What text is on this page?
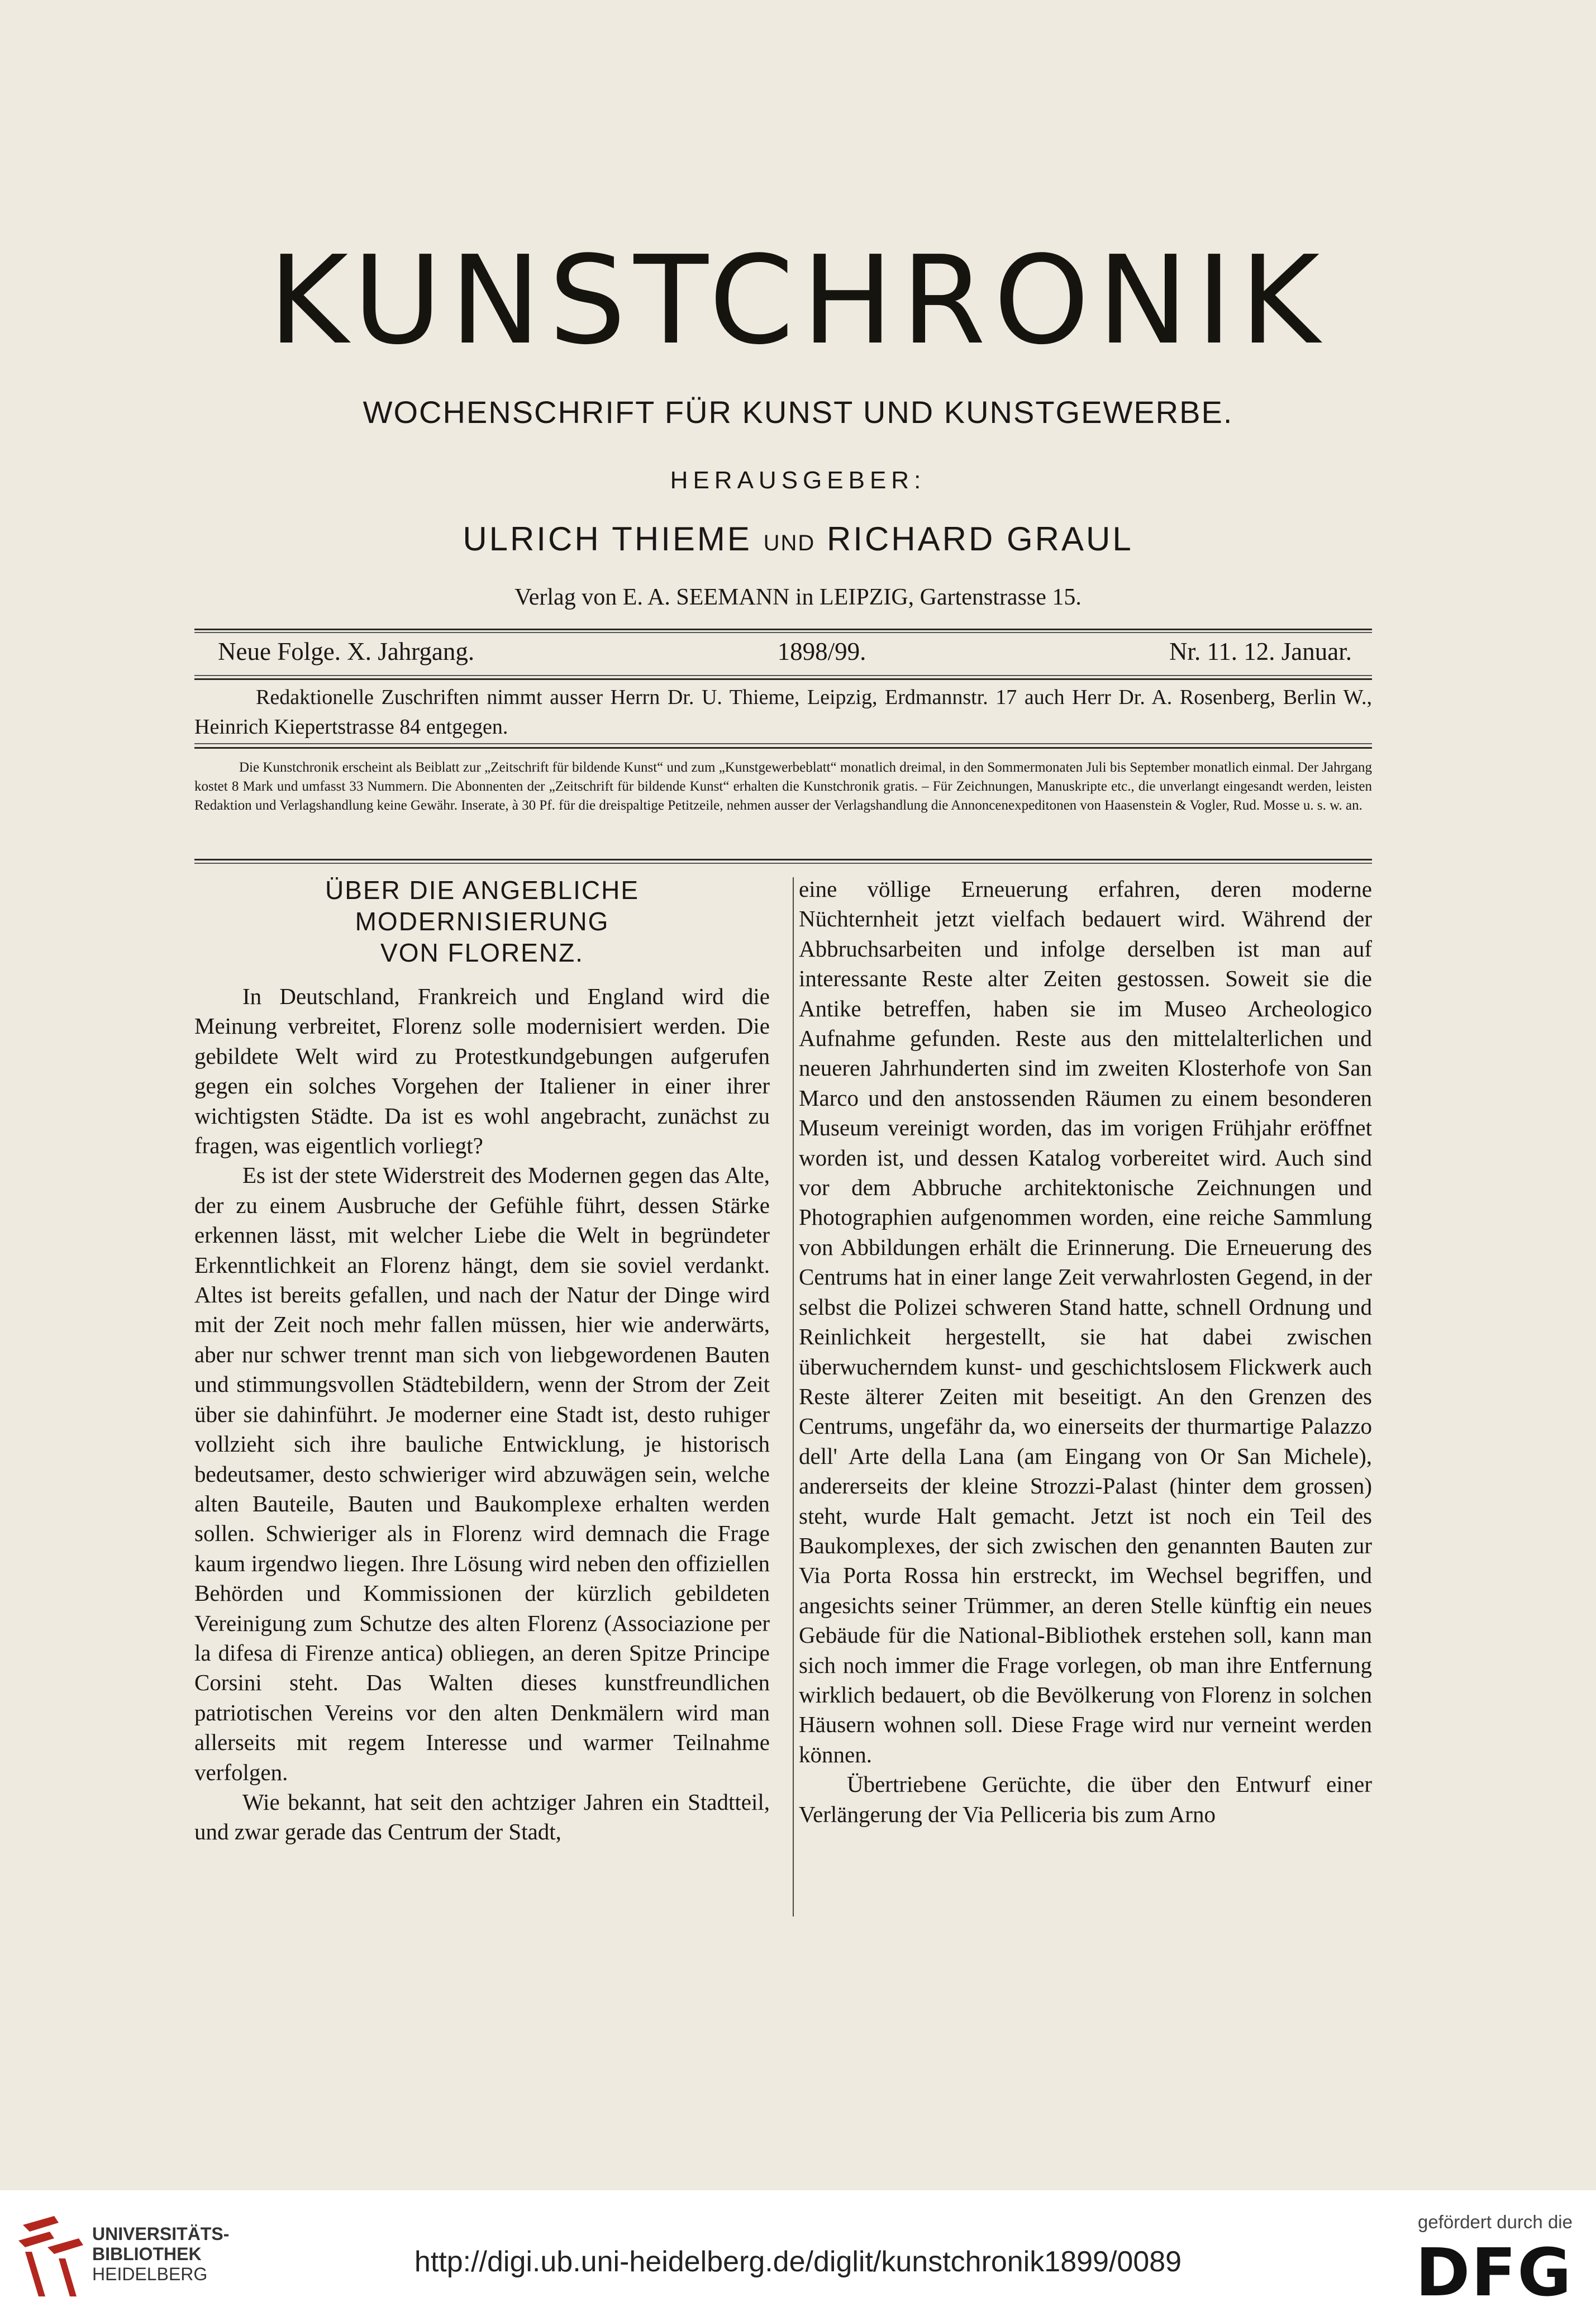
KUNSTCHRONIK
WOCHENSCHRIFT FÜR KUNST UND KUNSTGEWERBE.
HERAUSGEBER:
ULRICH THIEME UND RICHARD GRAUL
Verlag von E. A. SEEMANN in LEIPZIG, Gartenstrasse 15.
Neue Folge. X. Jahrgang.	1898/99.	Nr. 11. 12. Januar.
Redaktionelle Zuschriften nimmt ausser Herrn Dr. U. Thieme, Leipzig, Erdmannstr. 17 auch Herr Dr. A. Rosenberg, Berlin W., Heinrich Kiepertstrasse 84 entgegen.
Die Kunstchronik erscheint als Beiblatt zur „Zeitschrift für bildende Kunst“ und zum „Kunstgewerbeblatt“ monatlich dreimal, in den Sommermonaten Juli bis September monatlich einmal. Der Jahrgang kostet 8 Mark und umfasst 33 Nummern. Die Abonnenten der „Zeitschrift für bildende Kunst“ erhalten die Kunstchronik gratis. – Für Zeichnungen, Manuskripte etc., die unverlangt eingesandt werden, leisten Redaktion und Verlagshandlung keine Gewähr. Inserate, à 30 Pf. für die dreispaltige Petitzeile, nehmen ausser der Verlagshandlung die Annoncenexpeditonen von Haasenstein & Vogler, Rud. Mosse u. s. w. an.
ÜBER DIE ANGEBLICHE MODERNISIERUNG
VON FLORENZ.

In Deutschland, Frankreich und England wird die Meinung verbreitet, Florenz solle modernisiert werden. Die gebildete Welt wird zu Protestkundgebungen aufgerufen gegen ein solches Vorgehen der Italiener in einer ihrer wichtigsten Städte. Da ist es wohl angebracht, zunächst zu fragen, was eigentlich vorliegt?

Es ist der stete Widerstreit des Modernen gegen das Alte, der zu einem Ausbruche der Gefühle führt, dessen Stärke erkennen lässt, mit welcher Liebe die Welt in begründeter Erkenntlichkeit an Florenz hängt, dem sie soviel verdankt. Altes ist bereits gefallen, und nach der Natur der Dinge wird mit der Zeit noch mehr fallen müssen, hier wie anderwärts, aber nur schwer trennt man sich von liebgewordenen Bauten und stimmungsvollen Städtebildern, wenn der Strom der Zeit über sie dahinführt. Je moderner eine Stadt ist, desto ruhiger vollzieht sich ihre bauliche Entwicklung, je historisch bedeutsamer, desto schwieriger wird abzuwägen sein, welche alten Bauteile, Bauten und Baukomplexe erhalten werden sollen. Schwieriger als in Florenz wird demnach die Frage kaum irgendwo liegen. Ihre Lösung wird neben den offiziellen Behörden und Kommissionen der kürzlich gebildeten Vereinigung zum Schutze des alten Florenz (Associazione per la difesa di Firenze antica) obliegen, an deren Spitze Principe Corsini steht. Das Walten dieses kunstfreundlichen patriotischen Vereins vor den alten Denkmälern wird man allerseits mit regem Interesse und warmer Teilnahme verfolgen.

Wie bekannt, hat seit den achtziger Jahren ein Stadtteil, und zwar gerade das Centrum der Stadt,

eine völlige Erneuerung erfahren, deren moderne Nüchternheit jetzt vielfach bedauert wird. Während der Abbruchsarbeiten und infolge derselben ist man auf interessante Reste alter Zeiten gestossen. Soweit sie die Antike betreffen, haben sie im Museo Archeologico Aufnahme gefunden. Reste aus den mittelalterlichen und neueren Jahrhunderten sind im zweiten Klosterhofe von San Marco und den anstossenden Räumen zu einem besonderen Museum vereinigt worden, das im vorigen Frühjahr eröffnet worden ist, und dessen Katalog vorbereitet wird. Auch sind vor dem Abbruche architektonische Zeichnungen und Photographien aufgenommen worden, eine reiche Sammlung von Abbildungen erhält die Erinnerung. Die Erneuerung des Centrums hat in einer lange Zeit verwahrlosten Gegend, in der selbst die Polizei schweren Stand hatte, schnell Ordnung und Reinlichkeit hergestellt, sie hat dabei zwischen überwucherndem kunst- und geschichtslosem Flickwerk auch Reste älterer Zeiten mit beseitigt. An den Grenzen des Centrums, ungefähr da, wo einerseits der thurmartige Palazzo dell' Arte della Lana (am Eingang von Or San Michele), andererseits der kleine Strozzi-Palast (hinter dem grossen) steht, wurde Halt gemacht. Jetzt ist noch ein Teil des Baukomplexes, der sich zwischen den genannten Bauten zur Via Porta Rossa hin erstreckt, im Wechsel begriffen, und angesichts seiner Trümmer, an deren Stelle künftig ein neues Gebäude für die National-Bibliothek erstehen soll, kann man sich noch immer die Frage vorlegen, ob man ihre Entfernung wirklich bedauert, ob die Bevölkerung von Florenz in solchen Häusern wohnen soll. Diese Frage wird nur verneint werden können.

Übertriebene Gerüchte, die über den Entwurf einer Verlängerung der Via Pelliceria bis zum Arno

UNIVERSITÄTS-
BIBLIOTHEK
HEIDELBERG	http://digi.ub.uni-heidelberg.de/diglit/kunstchronik1899/0089
gefördert durch die
DFG
